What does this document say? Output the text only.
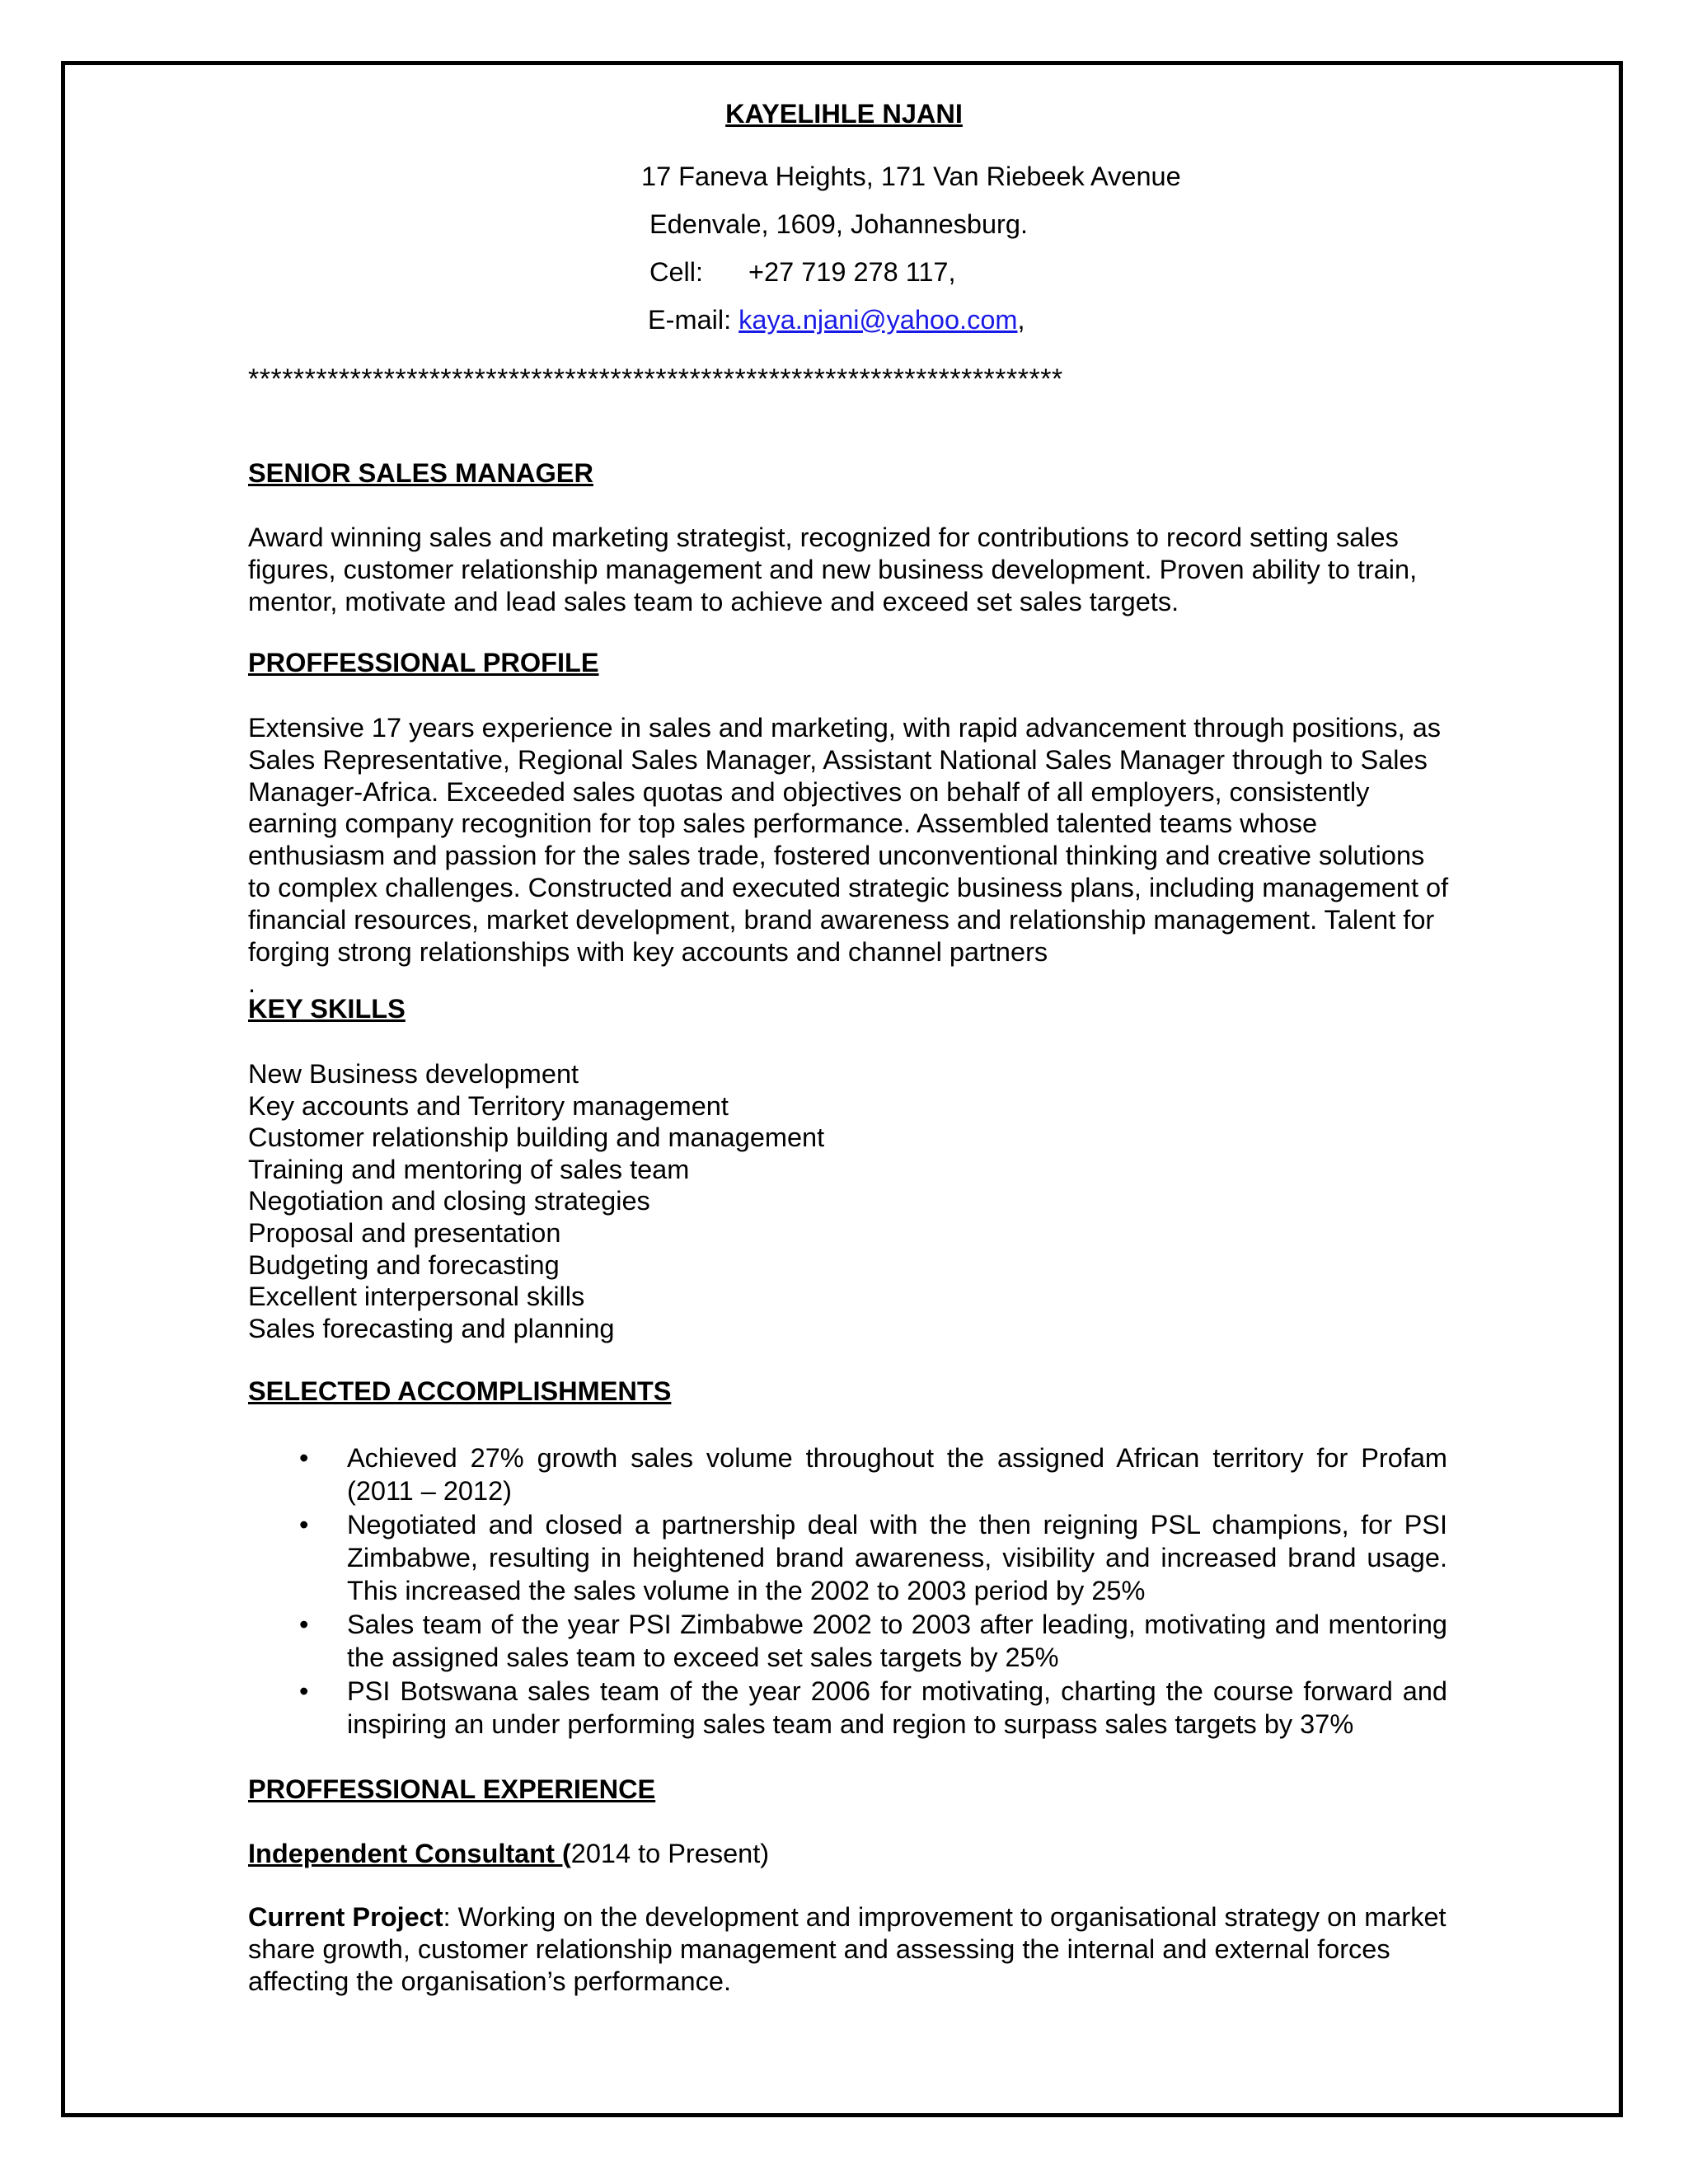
KAYELIHLE NJANI
17 Faneva Heights, 171 Van Riebeek Avenue
Edenvale, 1609, Johannesburg.
Cell: +27 719 278 117,
E-mail: kaya.njani@yahoo.com,
************************************************************************
SENIOR SALES MANAGER
Award winning sales and marketing strategist, recognized for contributions to record setting sales figures, customer relationship management and new business development. Proven ability to train, mentor, motivate and lead sales team to achieve and exceed set sales targets.
PROFFESSIONAL PROFILE
Extensive 17 years experience in sales and marketing, with rapid advancement through positions, as Sales Representative, Regional Sales Manager, Assistant National Sales Manager through to Sales Manager-Africa. Exceeded sales quotas and objectives on behalf of all employers, consistently earning company recognition for top sales performance. Assembled talented teams whose enthusiasm and passion for the sales trade, fostered unconventional thinking and creative solutions to complex challenges. Constructed and executed strategic business plans, including management of financial resources, market development, brand awareness and relationship management. Talent for forging strong relationships with key accounts and channel partners
.
KEY SKILLS
New Business development
Key accounts and Territory management
Customer relationship building and management
Training and mentoring of sales team
Negotiation and closing strategies
Proposal and presentation
Budgeting and forecasting
Excellent interpersonal skills
Sales forecasting and planning
SELECTED ACCOMPLISHMENTS
• Achieved 27% growth sales volume throughout the assigned African territory for Profam (2011 – 2012)
• Negotiated and closed a partnership deal with the then reigning PSL champions, for PSI Zimbabwe, resulting in heightened brand awareness, visibility and increased brand usage. This increased the sales volume in the 2002 to 2003 period by 25%
• Sales team of the year PSI Zimbabwe 2002 to 2003 after leading, motivating and mentoring the assigned sales team to exceed set sales targets by 25%
• PSI Botswana sales team of the year 2006 for motivating, charting the course forward and inspiring an under performing sales team and region to surpass sales targets by 37%
PROFFESSIONAL EXPERIENCE
Independent Consultant (2014 to Present)
Current Project: Working on the development and improvement to organisational strategy on market share growth, customer relationship management and assessing the internal and external forces affecting the organisation’s performance.
